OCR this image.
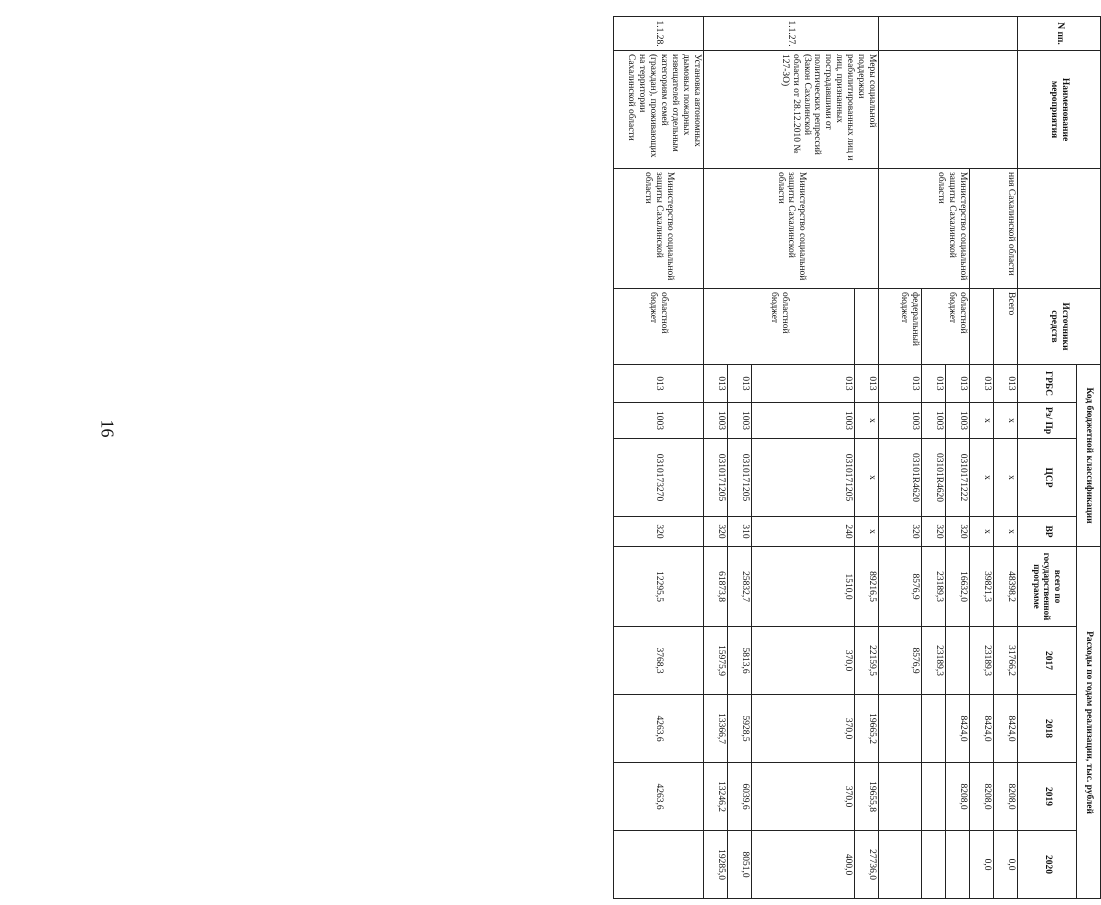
16
N пп.	Наименование мероприятия		Источники средств	Код бюджетной классификации				Расходы по годам реализации, тыс. рублей				
				ГРБС	Рз/ Пр	ЦСР	ВР	всего по государственной программе	2017	2018	2019	2020
		ния Сахалинской области	Всего	013	x	x	x	48398,2	31766,2	8424,0	8208,0	0,0
				013	x	x	x	39821,3	23189,3	8424,0	8208,0	0,0
		Министерство социальной защиты Сахалинской области	областной бюджет	013	1003	0310171222	320	16632,0		8424,0	8208,0	
				013	1003	03101R4620	320	23189,3	23189,3			
			федеральный бюджет	013	1003	03101R4620	320	8576,9	8576,9			
1.1.27.	Меры социальной поддержки реабилитированных лиц и лиц, признанных пострадавшими от политических репрессий (Закон Сахалинской области от 28.12.2010 № 127-ЗО)	Министерство социальной защиты Сахалинской области		013	x	x	x	89216,5	22159,5	19665,2	19655,8	27736,0
			областной бюджет	013	1003	0310171205	240	1510,0	370,0	370,0	370,0	400,0
				013	1003	0310171205	310	25832,7	5813,6	5928,5	6039,6	8051,0
				013	1003	0310171205	320	61873,8	15975,9	13366,7	13246,2	19285,0
1.1.28.	Установка автономных дымовых пожарных извещателей отдельным категориям семей (граждан), проживающих на территории Сахалинской области	Министерство социальной защиты Сахалинской области	областной бюджет	013	1003	0310173270	320	12295,5	3768,3	4263,6	4263,6	
